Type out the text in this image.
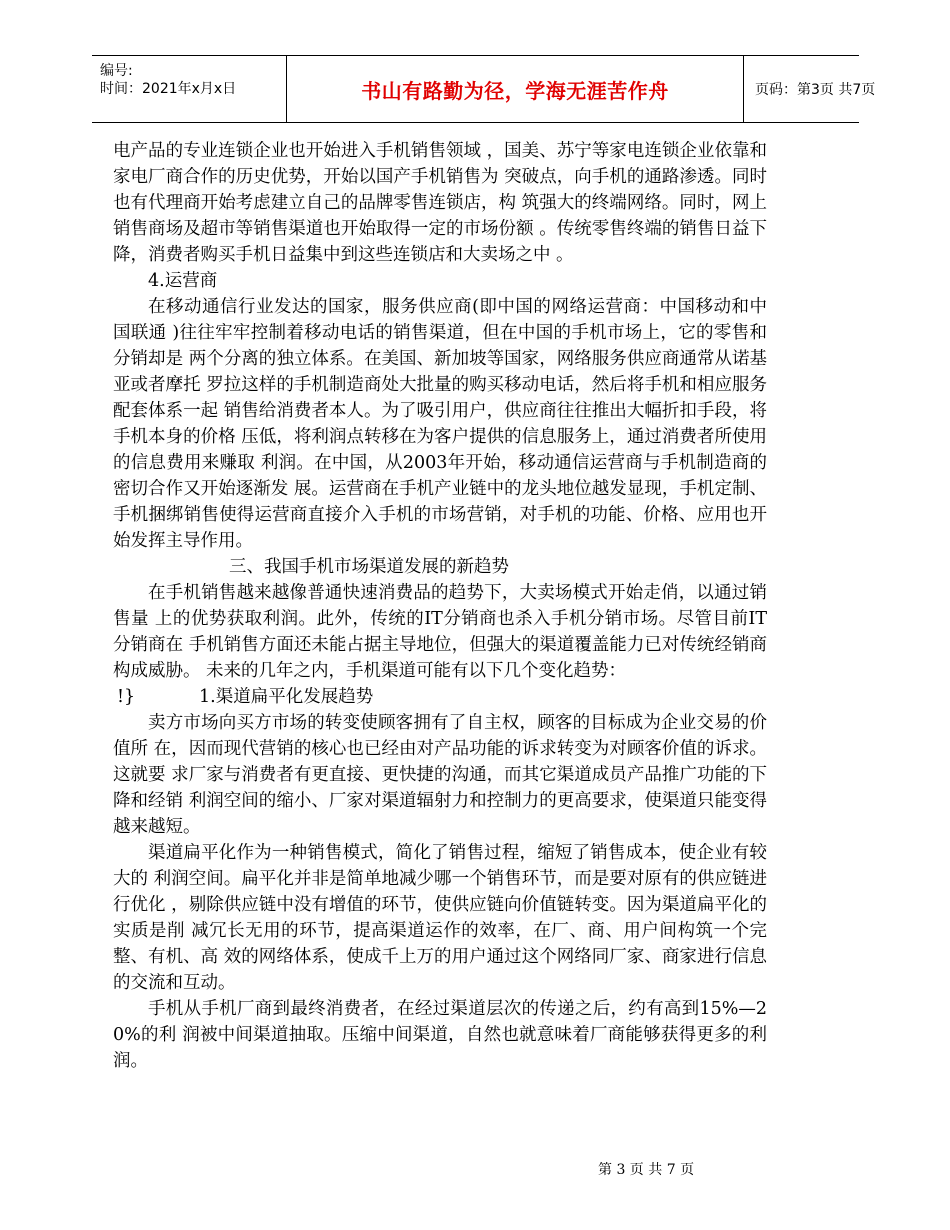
编号:
时间：2021年x月x日	书山有路勤为径，学海无涯苦作舟	页码：第3页 共7页

电产品的专业连锁企业也开始进入手机销售领域 ，国美、苏宁等家电连锁企业依靠和家电厂商合作的历史优势，开始以国产手机销售为 突破点，向手机的通路渗透。同时也有代理商开始考虑建立自己的品牌零售连锁店，构 筑强大的终端网络。同时，网上销售商场及超市等销售渠道也开始取得一定的市场份额 。传统零售终端的销售日益下降，消费者购买手机日益集中到这些连锁店和大卖场之中 。

4.运营商

在移动通信行业发达的国家，服务供应商(即中国的网络运营商：中国移动和中国联通 )往往牢牢控制着移动电话的销售渠道，但在中国的手机市场上，它的零售和分销却是 两个分离的独立体系。在美国、新加坡等国家，网络服务供应商通常从诺基亚或者摩托 罗拉这样的手机制造商处大批量的购买移动电话，然后将手机和相应服务配套体系一起 销售给消费者本人。为了吸引用户，供应商往往推出大幅折扣手段，将手机本身的价格 压低，将利润点转移在为客户提供的信息服务上，通过消费者所使用的信息费用来赚取 利润。在中国，从2003年开始，移动通信运营商与手机制造商的密切合作又开始逐渐发 展。运营商在手机产业链中的龙头地位越发显现，手机定制、手机捆绑销售使得运营商直接介入手机的市场营销，对手机的功能、价格、应用也开始发挥主导作用。

三、我国手机市场渠道发展的新趋势

在手机销售越来越像普通快速消费品的趋势下，大卖场模式开始走俏，以通过销售量 上的优势获取利润。此外，传统的IT分销商也杀入手机分销市场。尽管目前IT分销商在 手机销售方面还未能占据主导地位，但强大的渠道覆盖能力已对传统经销商构成威胁。 未来的几年之内，手机渠道可能有以下几个变化趋势：

!}	1.渠道扁平化发展趋势

卖方市场向买方市场的转变使顾客拥有了自主权，顾客的目标成为企业交易的价值所 在，因而现代营销的核心也已经由对产品功能的诉求转变为对顾客价值的诉求。这就要 求厂家与消费者有更直接、更快捷的沟通，而其它渠道成员产品推广功能的下降和经销 利润空间的缩小、厂家对渠道辐射力和控制力的更高要求，使渠道只能变得越来越短。

渠道扁平化作为一种销售模式，简化了销售过程，缩短了销售成本，使企业有较大的 利润空间。扁平化并非是简单地减少哪一个销售环节，而是要对原有的供应链进行优化 ，剔除供应链中没有增值的环节，使供应链向价值链转变。因为渠道扁平化的实质是削 减冗长无用的环节，提高渠道运作的效率，在厂、商、用户间构筑一个完整、有机、高 效的网络体系，使成千上万的用户通过这个网络同厂家、商家进行信息的交流和互动。

手机从手机厂商到最终消费者，在经过渠道层次的传递之后，约有高到15%—20%的利 润被中间渠道抽取。压缩中间渠道，自然也就意味着厂商能够获得更多的利润。

第 3 页 共 7 页
